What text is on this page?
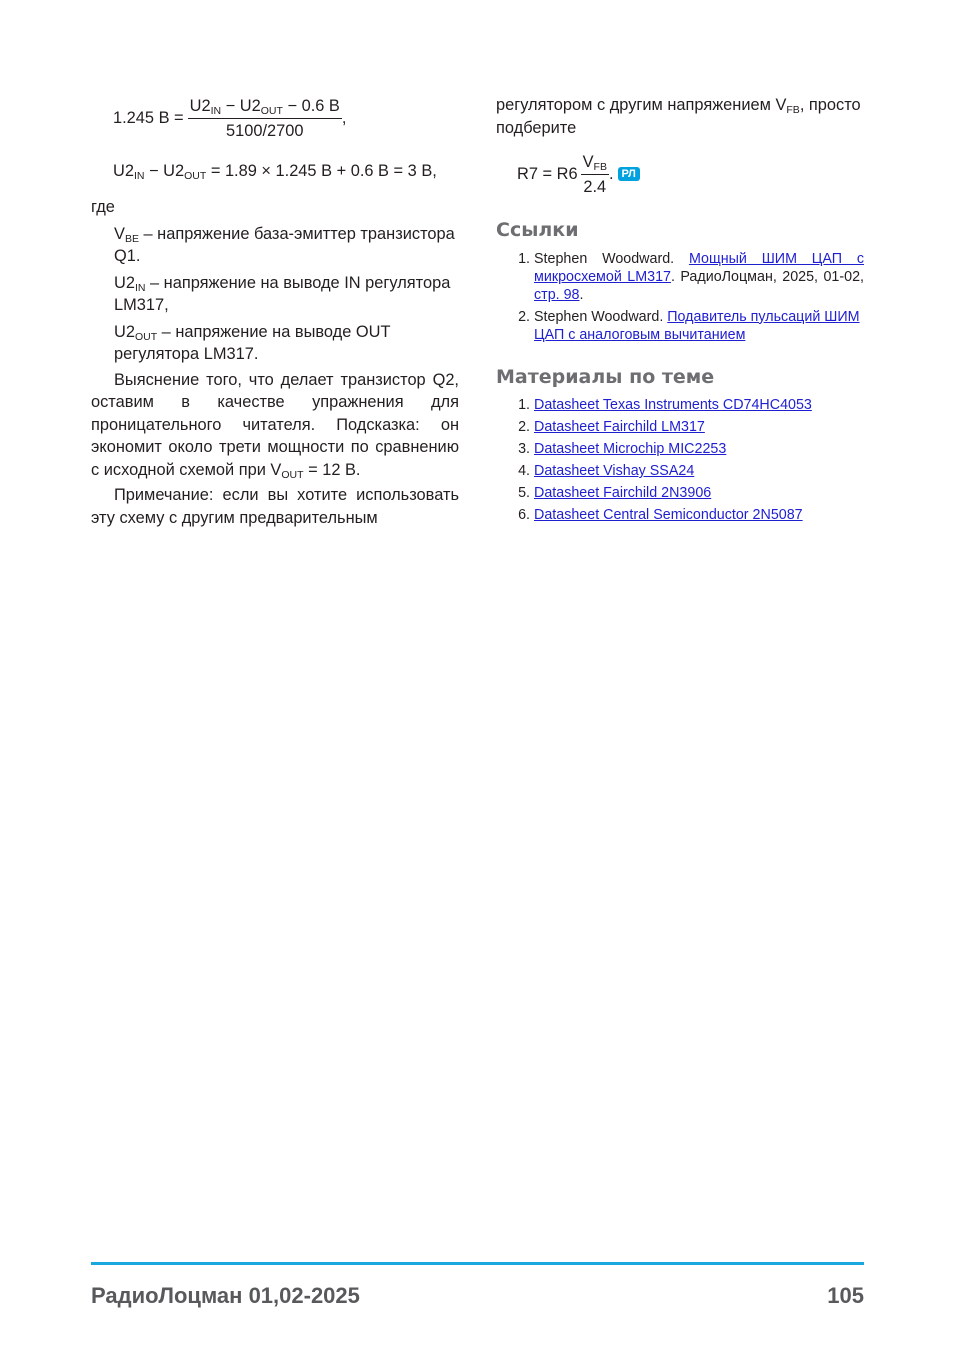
1.245 $В = \frac{U2_{IN} - U2_{OUT} - 0.6 В}{5100/2700}$ ,
$U2_{IN} - U2_{OUT} = 1.89 \times 1.245$ В + 0.6 В = 3 В,

где

$V_{BE}$ – напряжение база-эмиттер транзистора Q1.

$U2_{IN}$ – напряжение на выводе IN регулятора LM317,

$U2_{OUT}$ – напряжение на выводе OUT регулятора LM317.

Выяснение того, что делает транзистор Q2, оставим в качестве упражнения для проницательного читателя. Подсказка: он экономит около трети мощности по сравнению с исходной схемой при $V_{OUT} = 12$ В.

Примечание: если вы хотите использовать эту схему с другим предварительным

регулятором с другим напряжением $V_{FB}$, просто подберите

$R7 = R6 \frac{V_{FB}}{2.4}$ . РЛ
Ссылки
1. Stephen Woodward. Мощный ШИМ ЦАП с микросхемой LM317. РадиоЛоцман, 2025, 01-02, стр. 98.
2. Stephen Woodward. Подавитель пульсаций ШИМ ЦАП с аналоговым вычитанием
Материалы по теме
1. Datasheet Texas Instruments CD74HC4053
2. Datasheet Fairchild LM317
3. Datasheet Microchip MIC2253
4. Datasheet Vishay SSA24
5. Datasheet Fairchild 2N3906
6. Datasheet Central Semiconductor 2N5087
РадиоЛоцман 01,02-2025	105
